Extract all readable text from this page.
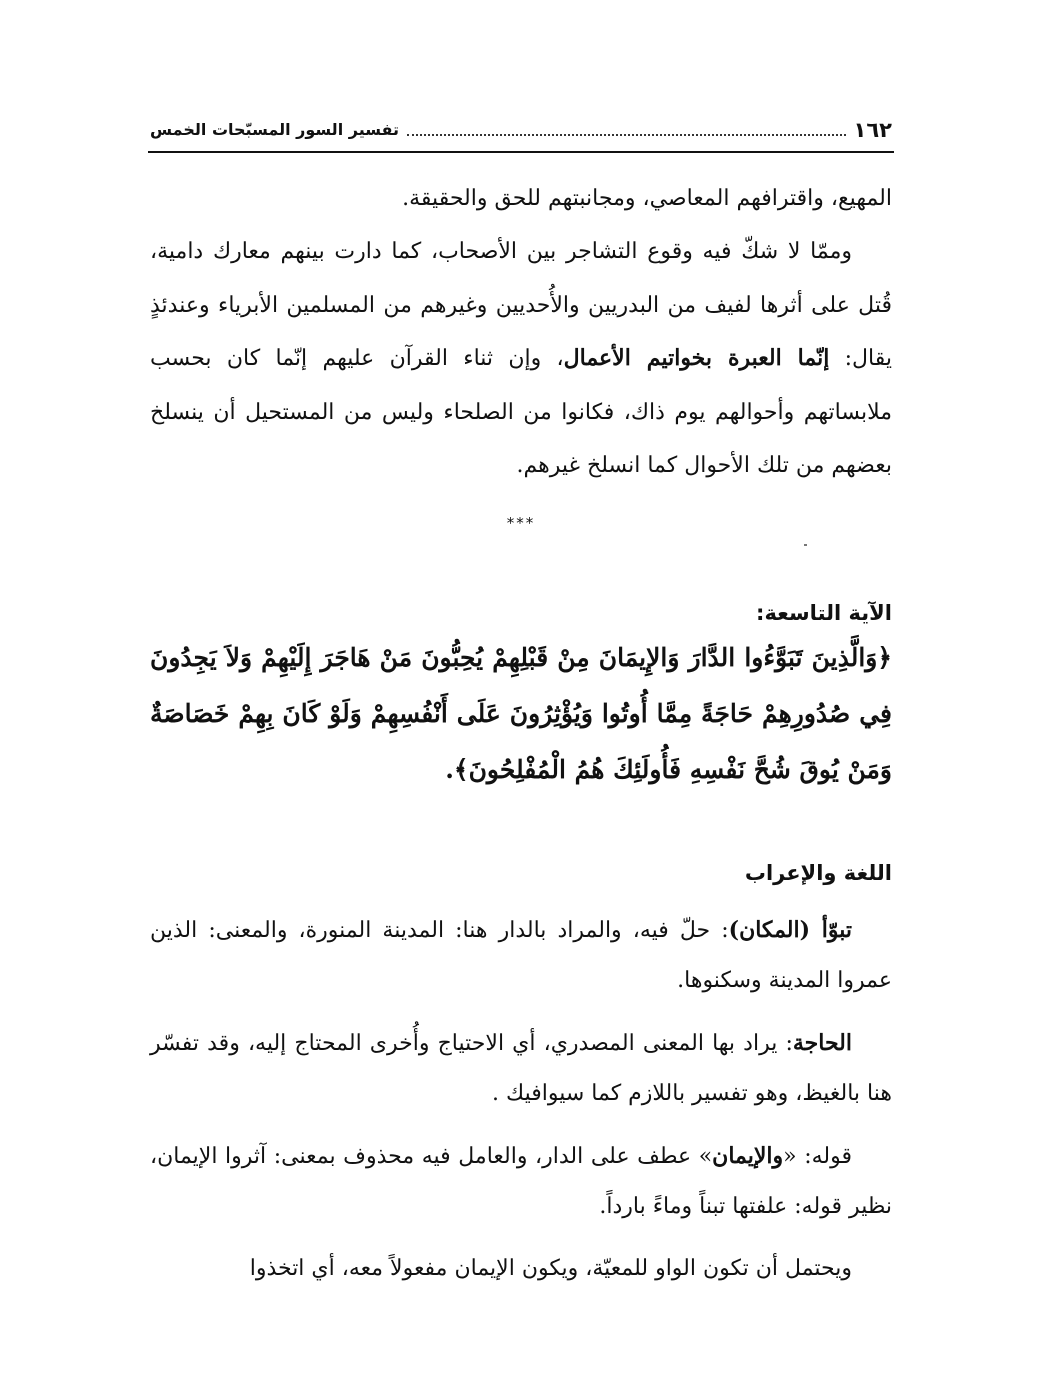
١٦٢
تفسير السور المسبّحات الخمس

المهيع، واقترافهم المعاصي، ومجانبتهم للحق والحقيقة.

وممّا لا شكّ فيه وقوع التشاجر بين الأصحاب، كما دارت بينهم معارك دامية، قُتل على أثرها لفيف من البدريين والأُحديين وغيرهم من المسلمين الأبرياء وعندئذٍ يقال: إنّما العبرة بخواتيم الأعمال، وإن ثناء القرآن عليهم إنّما كان بحسب ملابساتهم وأحوالهم يوم ذاك، فكانوا من الصلحاء وليس من المستحيل أن ينسلخ بعضهم من تلك الأحوال كما انسلخ غيرهم.

***
الآية التاسعة:
﴿وَالَّذِينَ تَبَوَّءُوا الدَّارَ وَالإِيمَانَ مِنْ قَبْلِهِمْ يُحِبُّونَ مَنْ هَاجَرَ إِلَيْهِمْ وَلاَ يَجِدُونَ فِي صُدُورِهِمْ حَاجَةً مِمَّا أُوتُوا وَيُؤْثِرُونَ عَلَى أَنْفُسِهِمْ وَلَوْ كَانَ بِهِمْ خَصَاصَةٌ وَمَنْ يُوقَ شُحَّ نَفْسِهِ فَأُولَئِكَ هُمُ الْمُفْلِحُونَ﴾.
اللغة والإعراب

تبوّأ (المكان): حلّ فيه، والمراد بالدار هنا: المدينة المنورة، والمعنى: الذين عمروا المدينة وسكنوها.

الحاجة: يراد بها المعنى المصدري، أي الاحتياج وأُخرى المحتاج إليه، وقد تفسّر هنا بالغيظ، وهو تفسير باللازم كما سيوافيك .

قوله: «والإيمان» عطف على الدار، والعامل فيه محذوف بمعنى: آثروا الإيمان، نظير قوله: علفتها تبناً وماءً بارداً.

ويحتمل أن تكون الواو للمعيّة، ويكون الإيمان مفعولاً معه، أي اتخذوا
